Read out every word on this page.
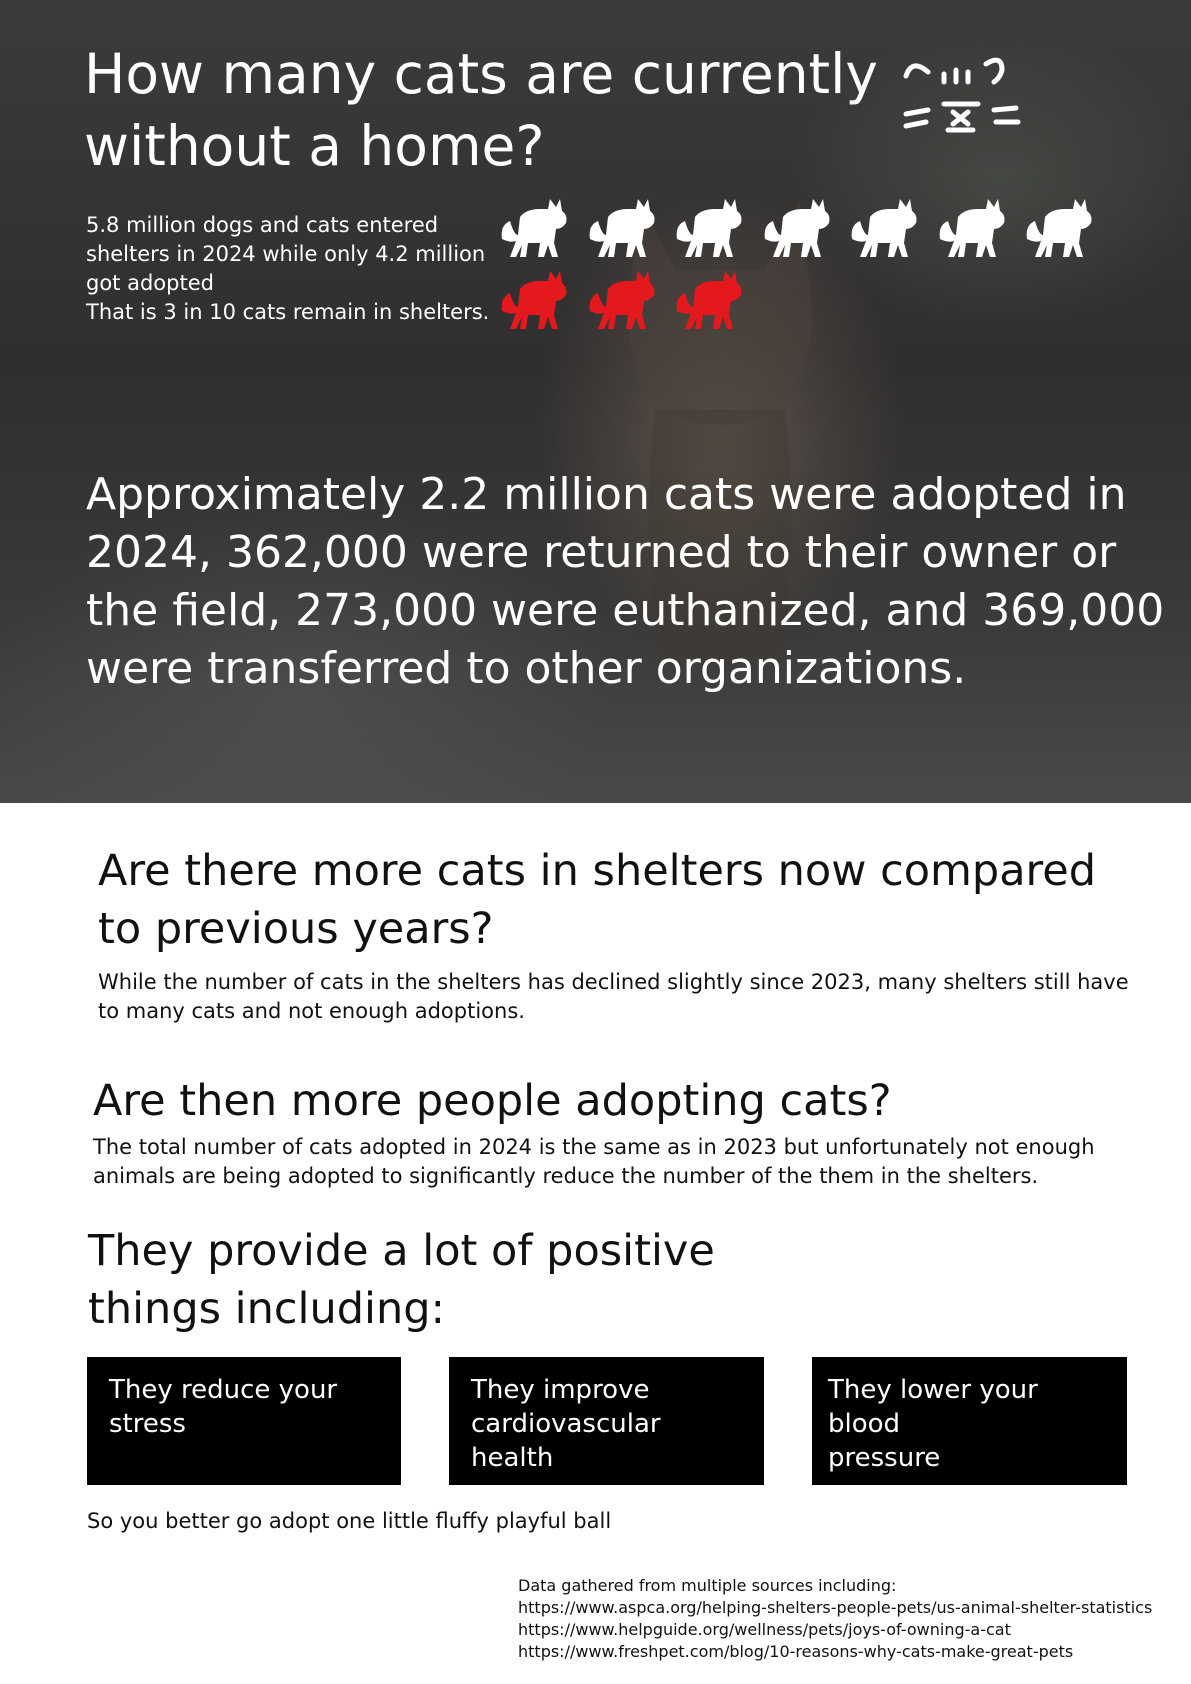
How many cats are currently
without a home?
5.8 million dogs and cats entered
shelters in 2024 while only 4.2 million
got adopted
That is 3 in 10 cats remain in shelters.
Approximately 2.2 million cats were adopted in
2024, 362,000 were returned to their owner or
the field, 273,000 were euthanized, and 369,000
were transferred to other organizations.
Are there more cats in shelters now compared
to previous years?
While the number of cats in the shelters has declined slightly since 2023, many shelters still have
to many cats and not enough adoptions.
Are then more people adopting cats?
The total number of cats adopted in 2024 is the same as in 2023 but unfortunately not enough
animals are being adopted to significantly reduce the number of the them in the shelters.
They provide a lot of positive
things including:
They reduce your
stress
They improve
cardiovascular health
They lower your blood
pressure
So you better go adopt one little fluffy playful ball
Data gathered from multiple sources including:
https://www.aspca.org/helping-shelters-people-pets/us-animal-shelter-statistics
https://www.helpguide.org/wellness/pets/joys-of-owning-a-cat
https://www.freshpet.com/blog/10-reasons-why-cats-make-great-pets
